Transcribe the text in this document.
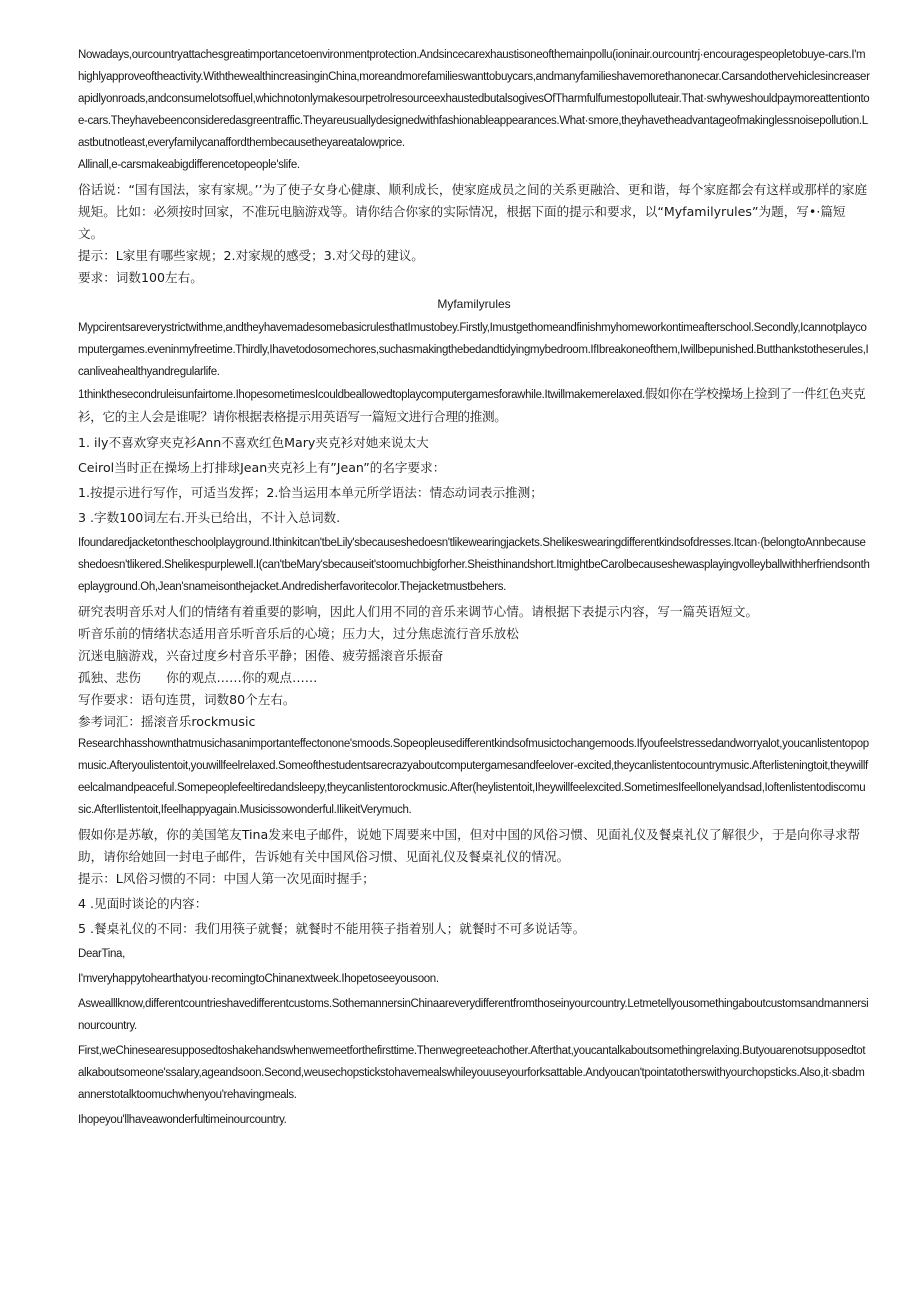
Nowadays,ourcountryattachesgreatimportancetoenvironmentprotection.Andsincecarexhaustisoneofthemainpollu(ioninair.ourcountrj·encouragespeopletobuye-cars.I'mhighlyapproveoftheactivity.WiththewealthincreasinginChina,moreandmorefamilieswanttobuycars,andmanyfamilieshavemorethanonecar.Carsandothervehiclesincreaserapidlyonroads,andconsumelotsoffuel,whichnotonlymakesourpetrolresourceexhaustedbutalsogivesOfTharmfulfumestopolluteair.That·swhyweshouldpaymoreattentiontoe-cars.Theyhavebeenconsideredasgreentraffic.Theyareusuallydesignedwithfashionableappearances.What·smore,theyhavetheadvantageofmakinglessnoisepollution.Lastbutnotleast,everyfamilycanaffordthembecausetheyareatalowprice.

Allinall,e-carsmakeabigdifferencetopeople'slife.

俗话说：“国有国法，家有家规。’’为了使子女身心健康、顺利成长，使家庭成员之间的关系更融洽、更和谐，每个家庭都会有这样或那样的家庭规矩。比如：必须按时回家，不准玩电脑游戏等。请你结合你家的实际情况，根据下面的提示和要求，以“Myfamilyrules”为题，写•·篇短文。

提示：L家里有哪些家规；2.对家规的感受；3.对父母的建议。

要求：词数100左右。

Myfamilyrules

Mypcirentsareverystrictwithme,andtheyhavemadesomebasicrulesthatImustobey.Firstly,Imustgethomeandfinishmyhomeworkontimeafterschool.Secondly,Icannotplaycomputergames.eveninmyfreetime.Thirdly,Ihavetodosomechores,suchasmakingthebedandtidyingmybedroom.IfIbreakoneofthem,Iwillbepunished.Butthankstotheserules,Icanliveahealthyandregularlife.

1thinkthesecondruleisunfairtome.IhopesometimesIcouldbeallowedtoplaycomputergamesforawhile.Itwillmakemerelaxed.假如你在学校操场上捡到了一件红色夹克衫，它的主人会是谁呢？请你根据表格提示用英语写一篇短文进行合理的推测。

1. ily不喜欢穿夹克衫Ann不喜欢红色Mary夹克衫对她来说太大

Ceirol当时正在操场上打排球Jean夹克衫上有”Jean”的名字要求：

1.按提示进行写作，可适当发挥；2.恰当运用本单元所学语法：情态动词表示推测；

3 .字数100词左右.开头已给出，不计入总词数.

Ifoundaredjacketontheschoolplayground.Ithinkitcan'tbeLily'sbecauseshedoesn'tlikewearingjackets.Shelikeswearingdifferentkindsofdresses.Itcan·(belongtoAnnbecauseshedoesn'tlikered.Shelikespurplewell.I(can'tbeMary'sbecauseit'stoomuchbigforher.Sheisthinandshort.ItmightbeCarolbecauseshewasplayingvolleyballwithherfriendsontheplayground.Oh,Jean'snameisonthejacket.Andredisherfavoritecolor.Thejacketmustbehers.

研究表明音乐对人们的情绪有着重要的影响，因此人们用不同的音乐来调节心情。请根据下表提示内容，写一篇英语短文。

听音乐前的情绪状态适用音乐听音乐后的心境；压力大，过分焦虑流行音乐放松

沉迷电脑游戏，兴奋过度乡村音乐平静；困倦、疲劳摇滚音乐振奋

孤独、悲伤　　你的观点……你的观点……

写作要求：语句连贯，词数80个左右。

参考词汇：摇滚音乐rockmusic

Researchhasshownthatmusichasanimportanteffectonone'smoods.Sopeopleusedifferentkindsofmusictochangemoods.Ifyoufeelstressedandworryalot,youcanlistentopopmusic.Afteryoulistentoit,youwillfeelrelaxed.Someofthestudentsarecrazyaboutcomputergamesandfeelover-excited,theycanlistentocountrymusic.Afterlisteningtoit,theywillfeelcalmandpeaceful.Somepeoplefeeltiredandsleepy,theycanlistentorockmusic.After(heylistentoit,Iheywillfeelexcited.SometimesIfeellonelyandsad,Ioftenlistentodiscomusic.AfterIlistentoit,Ifeelhappyagain.Musicissowonderful.IlikeitVerymuch.

假如你是苏敏，你的美国笔友Tina发来电子邮件，说她下周要来中国，但对中国的风俗习惯、见面礼仪及餐桌礼仪了解很少，于是向你寻求帮助，请你给她回一封电子邮件，告诉她有关中国风俗习惯、见面礼仪及餐桌礼仪的情况。

提示：L风俗习惯的不同：中国人第一次见面时握手；

4 .见面时谈论的内容：

5 .餐桌礼仪的不同：我们用筷子就餐；就餐时不能用筷子指着别人；就餐时不可多说话等。

DearTina,

I'mveryhappytohearthatyou·recomingtoChinanextweek.Ihopetoseeyousoon.

Aswealllknow,differentcountrieshavedifferentcustoms.SothemannersinChinaareverydifferentfromthoseinyourcountry.Letmetellyousomethingaboutcustomsandmannersinourcountry.

First,weChinesearesupposedtoshakehandswhenwemeetforthefirsttime.Thenwegreeteachother.Afterthat,youcantalkaboutsomethingrelaxing.Butyouarenotsupposedtotalkaboutsomeone'ssalary,ageandsoon.Second,weusechopstickstohavemealswhileyouuseyourforksattable.Andyoucan'tpointatotherswithyourchopsticks.Also,it·sbadmannerstotalktoomuchwhenyou'rehavingmeals.

Ihopeyou'llhaveawonderfultimeinourcountry.
